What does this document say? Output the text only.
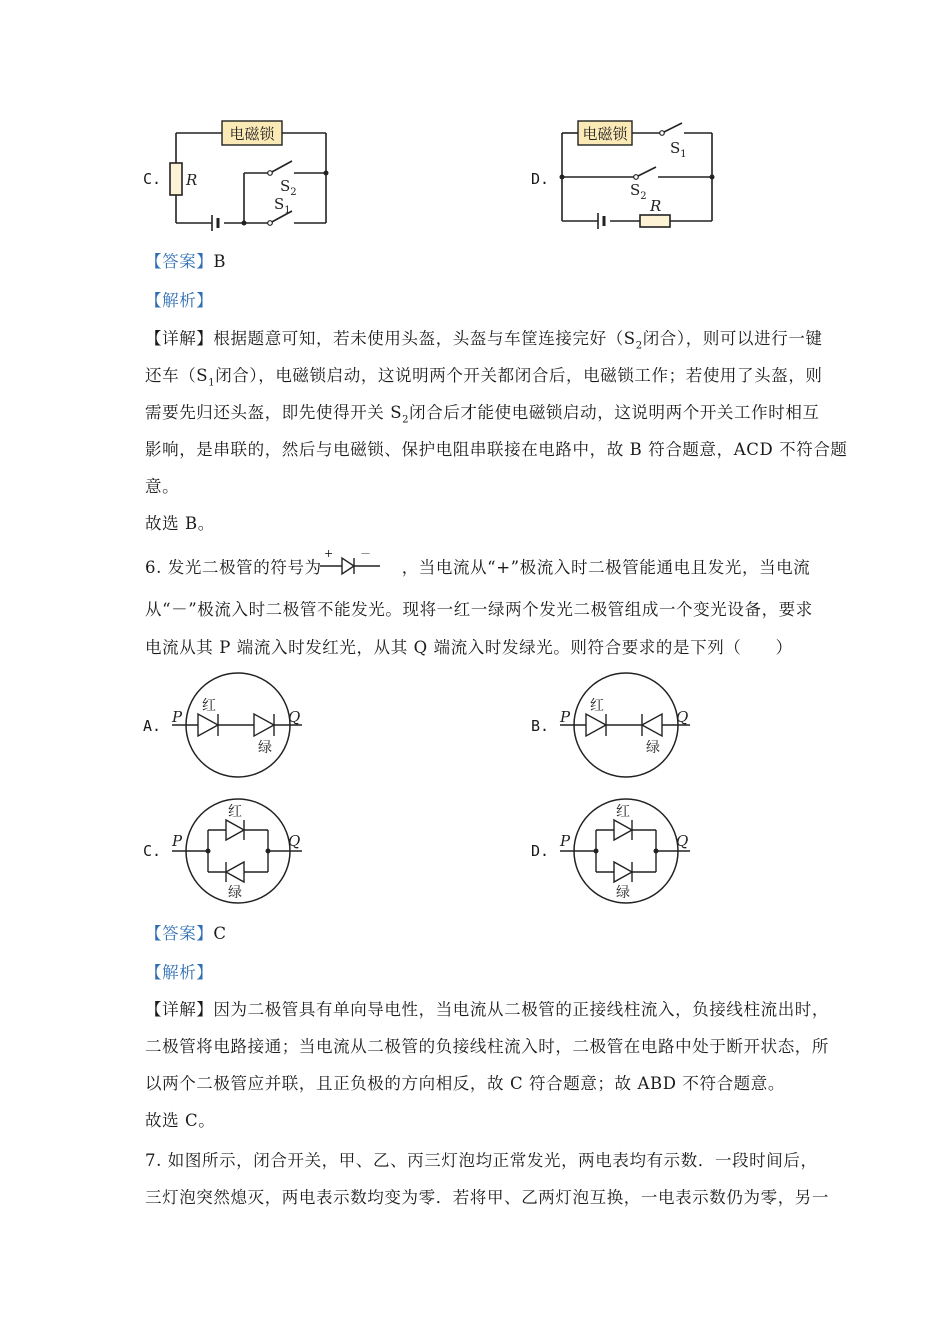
C.
电磁锁
R	$S_2$
$S_1$
D.
电磁锁
$S_1$
$S_2$
R
【答案】B
【解析】
【详解】根据题意可知，若未使用头盔，头盔与车筐连接完好（$S_2$闭合），则可以进行一键
还车（$S_1$闭合），电磁锁启动，这说明两个开关都闭合后，电磁锁工作；若使用了头盔，则
需要先归还头盔，即先使得开关 $S_2$闭合后才能使电磁锁启动，这说明两个开关工作时相互
影响，是串联的，然后与电磁锁、保护电阻串联接在电路中，故 B 符合题意，ACD 不符合题
意。
故选 B。
6. 发光二极管的符号为	，当电流从“+”极流入时二极管能通电且发光，当电流
+ －
从“－”极流入时二极管不能发光。现将一红一绿两个发光二极管组成一个变光设备，要求
电流从其 P 端流入时发红光，从其 Q 端流入时发绿光。则符合要求的是下列（　　）
A. P	Q
红
绿
B. P	Q
红
绿
C.
P	Q
红
绿
D.
P	Q
红
绿
【答案】C
【解析】
【详解】因为二极管具有单向导电性，当电流从二极管的正接线柱流入，负接线柱流出时，
二极管将电路接通；当电流从二极管的负接线柱流入时，二极管在电路中处于断开状态，所
以两个二极管应并联，且正负极的方向相反，故 C 符合题意；故 ABD 不符合题意。
故选 C。
7. 如图所示，闭合开关，甲、乙、丙三灯泡均正常发光，两电表均有示数．一段时间后，
三灯泡突然熄灭，两电表示数均变为零．若将甲、乙两灯泡互换，一电表示数仍为零，另一
